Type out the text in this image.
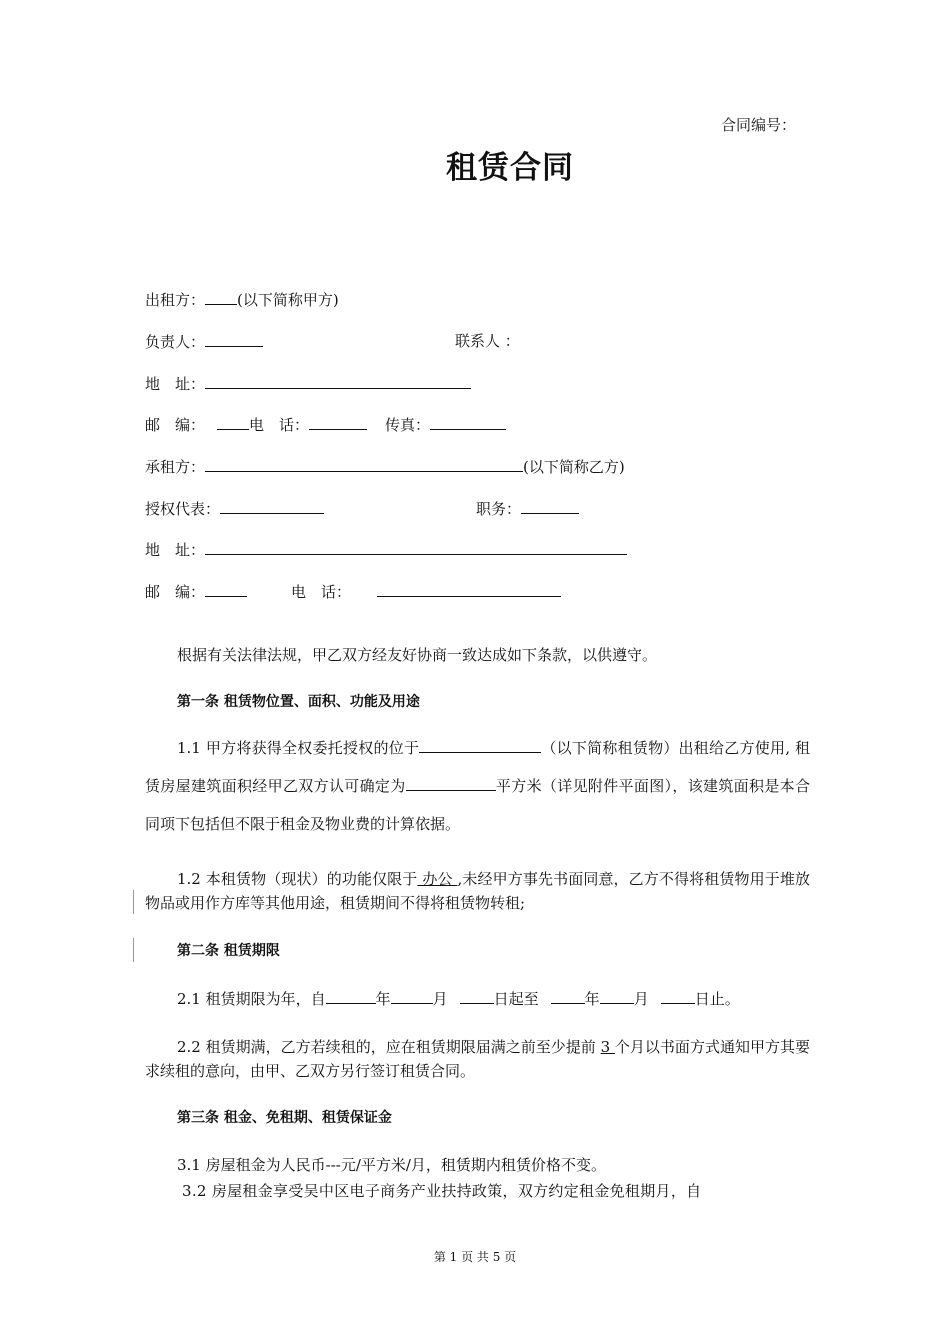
合同编号：
租赁合同
出租方： (以下简称甲方)
负责人：	联系人 ：
地　址：
邮　编：	电　话：	传真：
承租方：	(以下简称乙方)
授权代表：	职务：
地　址：
邮　编：	电　话：
根据有关法律法规，甲乙双方经友好协商一致达成如下条款，以供遵守。
第一条 租赁物位置、面积、功能及用途
1.1 甲方将获得全权委托授权的位于	（以下简称租赁物）出租给乙方使用, 租赁房屋建筑面积经甲乙双方认可确定为	平方米（详见附件平面图），该建筑面积是本合同项下包括但不限于租金及物业费的计算依据。
1.2 本租赁物（现状）的功能仅限于 办公 ,未经甲方事先书面同意，乙方不得将租赁物用于堆放物品或用作方库等其他用途，租赁期间不得将租赁物转租;
第二条 租赁期限
2.1 租赁期限为年，自	年	月	日起至	年 月	日止。
2.2 租赁期满，乙方若续租的，应在租赁期限届满之前至少提前 3 个月以书面方式通知甲方其要求续租的意向，由甲、乙双方另行签订租赁合同。
第三条 租金、免租期、租赁保证金
3.1 房屋租金为人民币---元/平方米/月，租赁期内租赁价格不变。
3.2 房屋租金享受吴中区电子商务产业扶持政策，双方约定租金免租期月，自
第 1 页 共 5 页
